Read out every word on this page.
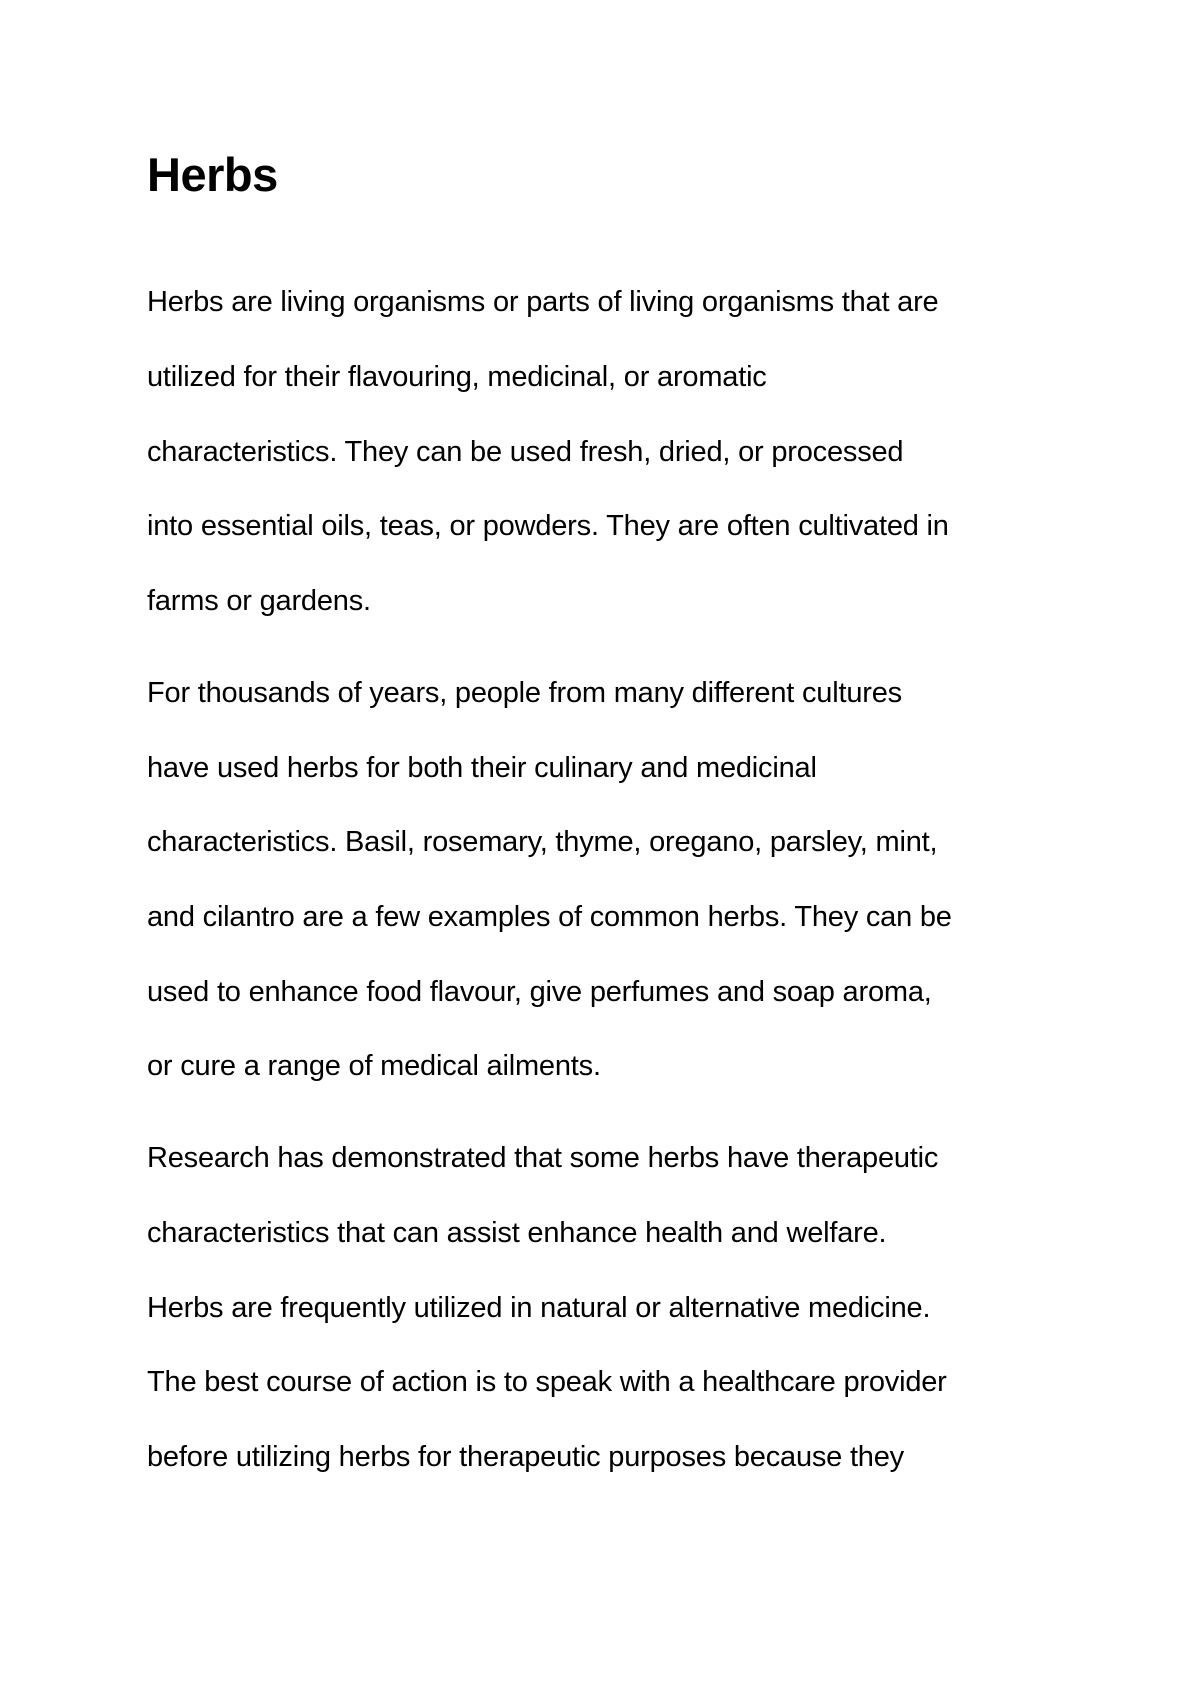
Herbs
Herbs are living organisms or parts of living organisms that are
utilized for their flavouring, medicinal, or aromatic
characteristics. They can be used fresh, dried, or processed
into essential oils, teas, or powders. They are often cultivated in
farms or gardens.
For thousands of years, people from many different cultures
have used herbs for both their culinary and medicinal
characteristics. Basil, rosemary, thyme, oregano, parsley, mint,
and cilantro are a few examples of common herbs. They can be
used to enhance food flavour, give perfumes and soap aroma,
or cure a range of medical ailments.
Research has demonstrated that some herbs have therapeutic
characteristics that can assist enhance health and welfare.
Herbs are frequently utilized in natural or alternative medicine.
The best course of action is to speak with a healthcare provider
before utilizing herbs for therapeutic purposes because they
